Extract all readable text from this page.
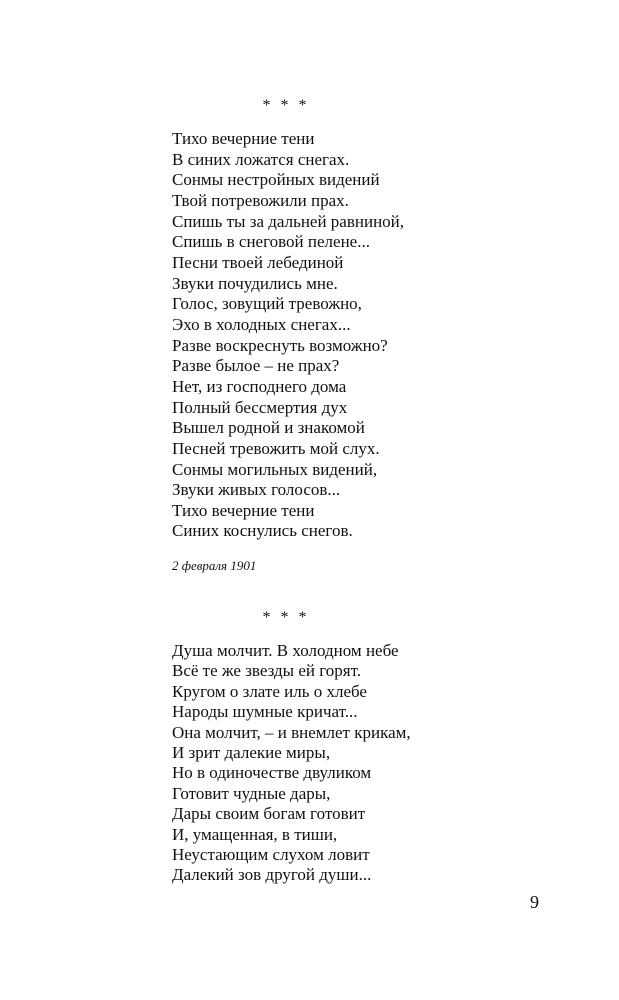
* * *
Тихо вечерние тени
В синих ложатся снегах.
Сонмы нестройных видений
Твой потревожили прах.
Спишь ты за дальней равниной,
Спишь в снеговой пелене...
Песни твоей лебединой
Звуки почудились мне.
Голос, зовущий тревожно,
Эхо в холодных снегах...
Разве воскреснуть возможно?
Разве былое – не прах?
Нет, из господнего дома
Полный бессмертия дух
Вышел родной и знакомой
Песней тревожить мой слух.
Сонмы могильных видений,
Звуки живых голосов...
Тихо вечерние тени
Синих коснулись снегов.
2 февраля 1901
* * *
Душа молчит. В холодном небе
Всё те же звезды ей горят.
Кругом о злате иль о хлебе
Народы шумные кричат...
Она молчит, – и внемлет крикам,
И зрит далекие миры,
Но в одиночестве двуликом
Готовит чудные дары,
Дары своим богам готовит
И, умащенная, в тиши,
Неустающим слухом ловит
Далекий зов другой души...
9
